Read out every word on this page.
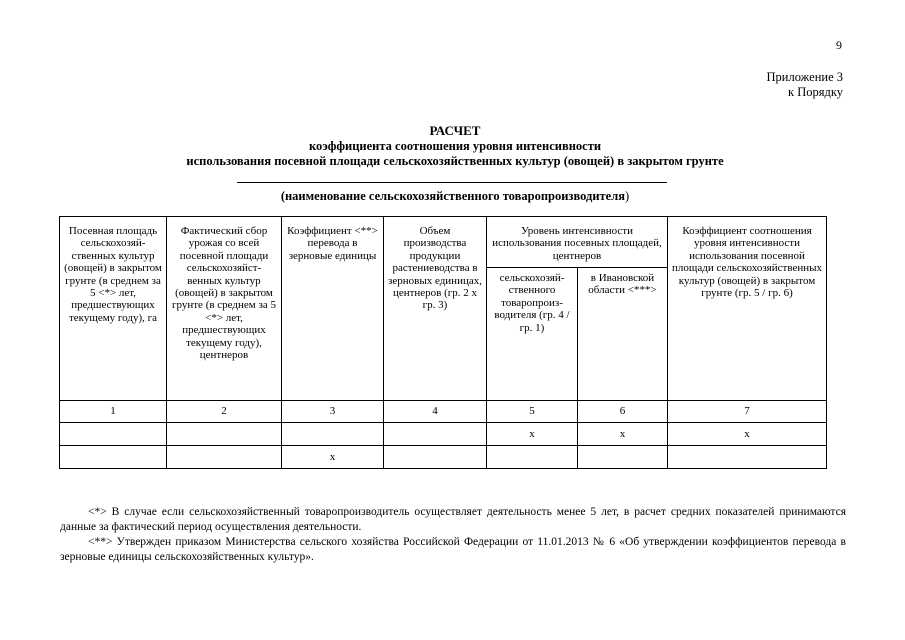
9
Приложение 3
к Порядку
РАСЧЕТ
коэффициента соотношения уровня интенсивности
использования посевной площади сельскохозяйственных культур (овощей) в закрытом грунте
(наименование сельскохозяйственного товаропроизводителя)
Посевная площадь сельскохозяй-ственных культур (овощей) в закрытом грунте (в среднем за 5 <*> лет, предшествующих текущему году), га	Фактический сбор урожая со всей посевной площади сельскохозяйст-венных культур (овощей) в закрытом грунте (в среднем за 5 <*> лет, предшествующих текущему году), центнеров	Коэффициент <**> перевода в зерновые единицы	Объем производства продукции растениеводства в зерновых единицах, центнеров (гр. 2 x гр. 3)	Уровень интенсивности использования посевных площадей, центнеров		Коэффициент соотношения уровня интенсивности использования посевной площади сельскохозяйственных культур (овощей) в закрытом грунте (гр. 5 / гр. 6)
				сельскохозяй-ственного товаропроиз-водителя (гр. 4 / гр. 1)	в Ивановской области <***>	
1	2	3	4	5	6	7
				x	x	x
		x				

<*> В случае если сельскохозяйственный товаропроизводитель осуществляет деятельность менее 5 лет, в расчет средних показателей принимаются данные за фактический период осуществления деятельности.

<**> Утвержден приказом Министерства сельского хозяйства Российской Федерации от 11.01.2013 № 6 «Об утверждении коэффициентов перевода в зерновые единицы сельскохозяйственных культур».
